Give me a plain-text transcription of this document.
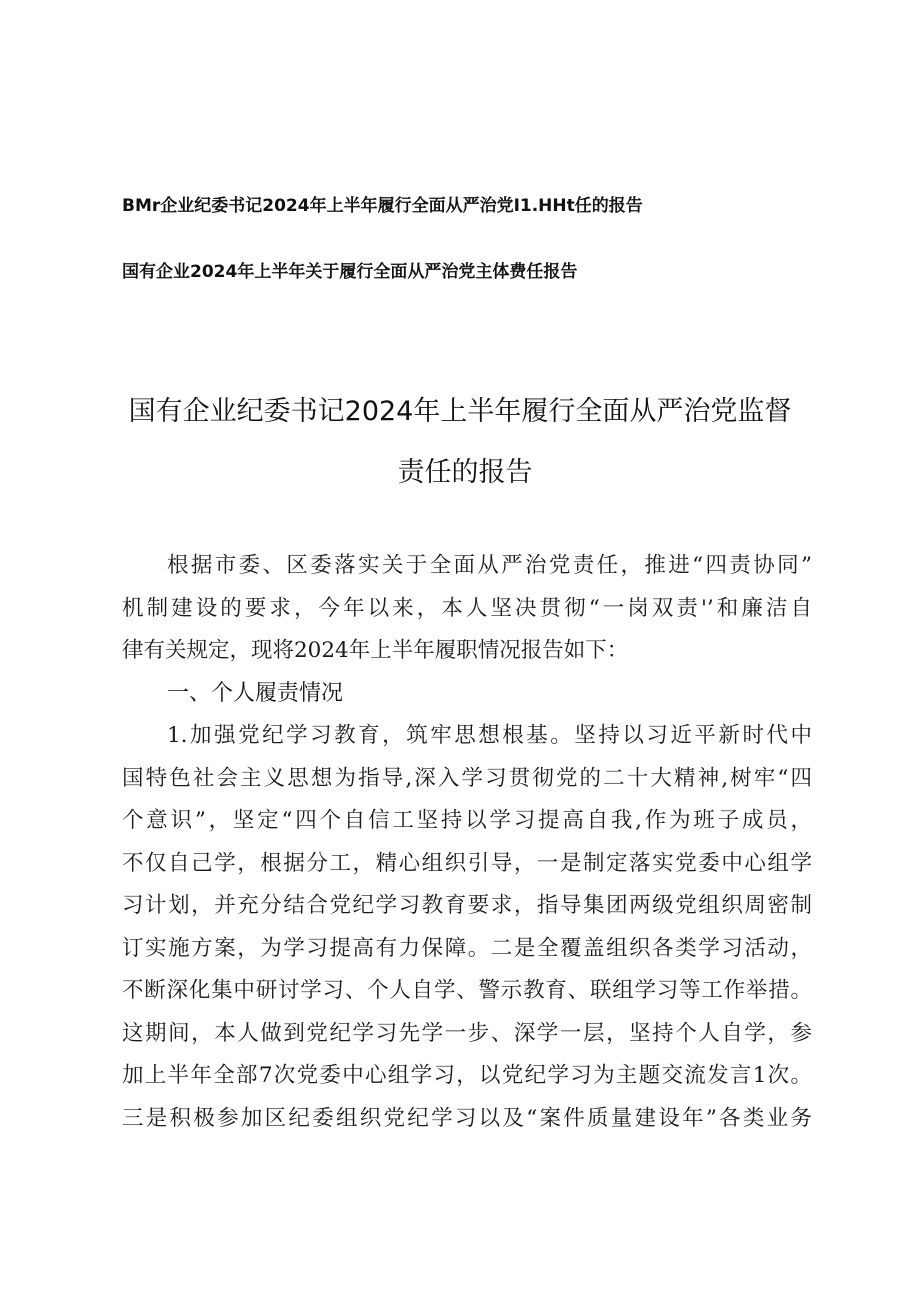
BMr企业纪委书记2024年上半年履行全面从严治党I1.HHt任的报告
国有企业2024年上半年关于履行全面从严治党主体费任报告
国有企业纪委书记2024年上半年履行全面从严治党监督
责任的报告
根据市委、区委落实关于全面从严治党责任，推进“四责协同”
机制建设的要求，今年以来，本人坚决贯彻“一岗双责'’和廉洁自
律有关规定，现将2024年上半年履职情况报告如下：
一、个人履责情况
1.加强党纪学习教育，筑牢思想根基。坚持以习近平新时代中
国特色社会主义思想为指导,深入学习贯彻党的二十大精神,树牢“四
个意识”，坚定“四个自信工坚持以学习提高自我,作为班子成员，
不仅自己学，根据分工，精心组织引导，一是制定落实党委中心组学
习计划，并充分结合党纪学习教育要求，指导集团两级党组织周密制
订实施方案，为学习提高有力保障。二是全覆盖组织各类学习活动，
不断深化集中研讨学习、个人自学、警示教育、联组学习等工作举措。
这期间，本人做到党纪学习先学一步、深学一层，坚持个人自学，参
加上半年全部7次党委中心组学习，以党纪学习为主题交流发言1次。
三是积极参加区纪委组织党纪学习以及“案件质量建设年”各类业务
